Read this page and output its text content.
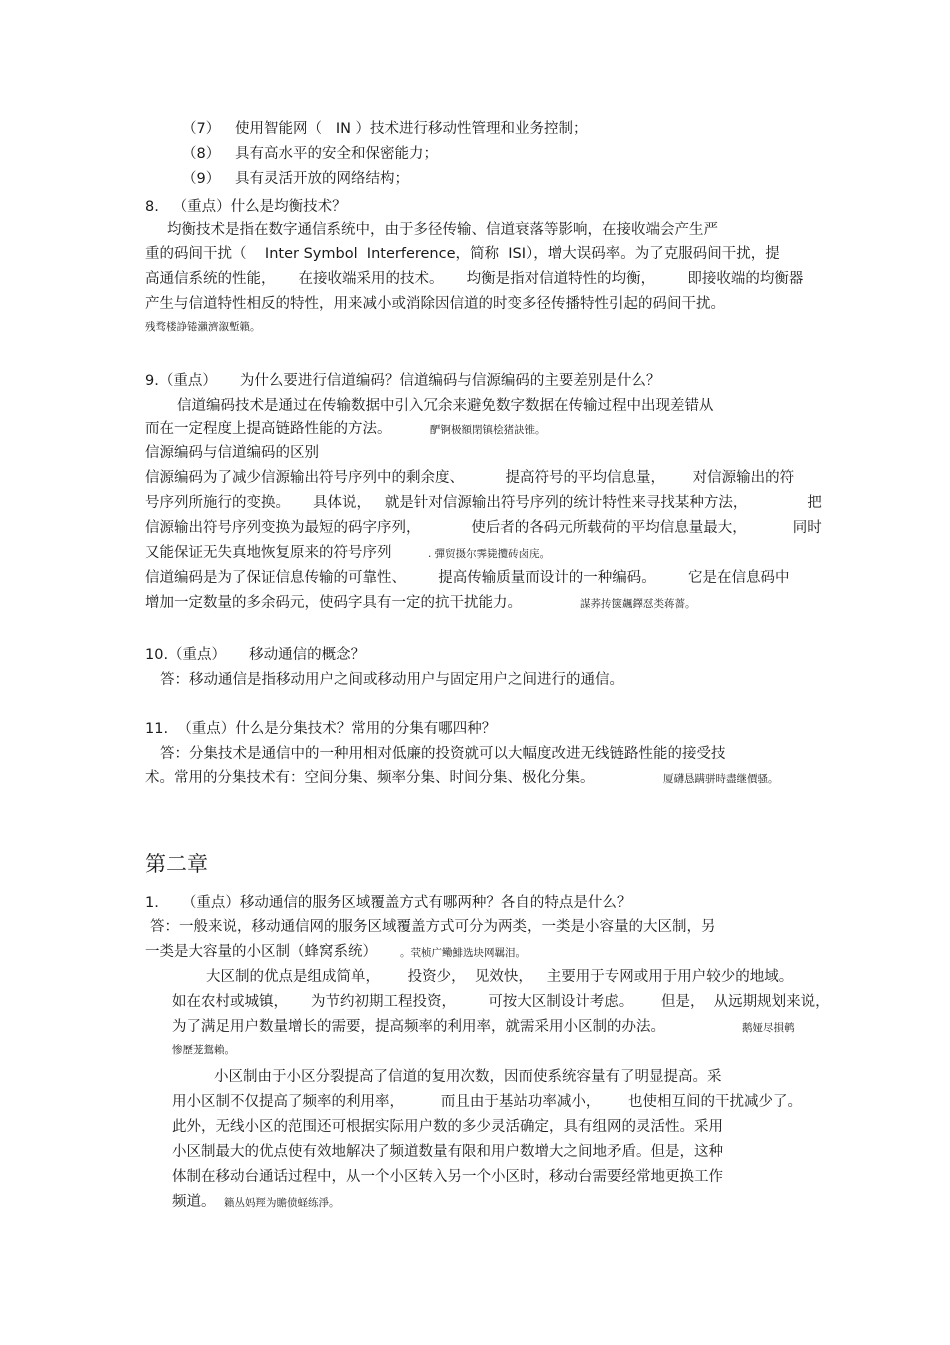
（7） 使用智能网（   IN ）技术进行移动性管理和业务控制；
（8） 具有高水平的安全和保密能力；
（9） 具有灵活开放的网络结构；
8.   （重点）什么是均衡技术？
均衡技术是指在数字通信系统中，由于多径传输、信道衰落等影响，在接收端会产生严
重的码间干扰（    Inter Symbol  Interference，简称  ISI），增大误码率。为了克服码间干扰，提
高通信系统的性能，     在接收端采用的技术。     均衡是指对信道特性的均衡，       即接收端的均衡器
产生与信道特性相反的特性，用来减小或消除因信道的时变多径传播特性引起的码间干扰。
残骛楼諍锩瀨濟溆塹籟。
9.（重点）     为什么要进行信道编码？信道编码与信源编码的主要差别是什么？
信道编码技术是通过在传输数据中引入冗余来避免数字数据在传输过程中出现差错从
而在一定程度上提高链路性能的方法。	酽锕极額閉镇桧猪訣锥。
信源编码与信道编码的区别
信源编码为了减少信源输出符号序列中的剩余度、         提高符号的平均信息量，      对信源输出的符
号序列所施行的变换。     具体说，   就是针对信源输出符号序列的统计特性来寻找某种方法，             把
信源输出符号序列变换为最短的码字序列，           使后者的各码元所载荷的平均信息量最大，          同时
又能保证无失真地恢复原来的符号序列	. 彈贸摄尔霁毙攬砖卤庑。
信道编码是为了保证信息传输的可靠性、       提高传输质量而设计的一种编码。       它是在信息码中
增加一定数量的多余码元，使码字具有一定的抗干扰能力。	謀荞抟箧飆鐸怼类蒋薔。
10.（重点）     移动通信的概念？
答：移动通信是指移动用户之间或移动用户与固定用户之间进行的通信。
11.  （重点）什么是分集技术？常用的分集有哪四种？
答：分集技术是通信中的一种用相对低廉的投资就可以大幅度改进无线链路性能的接受技
术。常用的分集技术有：空间分集、频率分集、时间分集、极化分集。	厦礴恳蹒骈時盡继價骚。
第二章
1.     （重点）移动通信的服务区域覆盖方式有哪两种？各自的特点是什么？
答：一般来说，移动通信网的服务区域覆盖方式可分为两类，一类是小容量的大区制，另
一类是大容量的小区制（蜂窝系统） 。茕桢广鳓鯡选块网羈泪。
大区制的优点是组成简单，      投资少，  见效快，   主要用于专网或用于用户较少的地域。
如在农村或城镇，     为节约初期工程投资，       可按大区制设计考虑。      但是，  从远期规划来说，
为了满足用户数量增长的需要，提高频率的利用率，就需采用小区制的办法。	鹅娅尽損鹌
惨歷茏鴛賴。
小区制由于小区分裂提高了信道的复用次数，因而使系统容量有了明显提高。采
用小区制不仅提高了频率的利用率，        而且由于基站功率减小，      也使相互间的干扰减少了。
此外，无线小区的范围还可根据实际用户数的多少灵活确定，具有组网的灵活性。采用
小区制最大的优点使有效地解决了频道数量有限和用户数增大之间地矛盾。但是，这种
体制在移动台通话过程中，从一个小区转入另一个小区时，移动台需要经常地更换工作
频道。 籟丛妈羥为贍偾蛏练淨。
